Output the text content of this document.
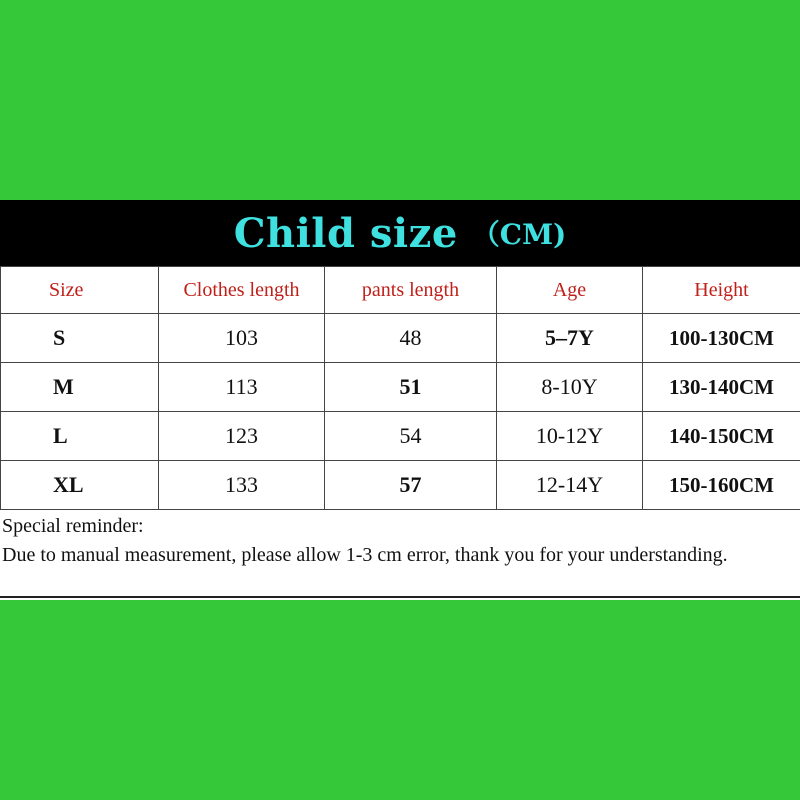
Child size （CM)
Size	Clothes length	pants length	Age	Height
S	103	48	5–7Y	100-130CM
M	113	51	8-10Y	130-140CM
L	123	54	10-12Y	140-150CM
XL	133	57	12-14Y	150-160CM
Special reminder:
Due to manual measurement, please allow 1-3 cm error, thank you for your understanding.
